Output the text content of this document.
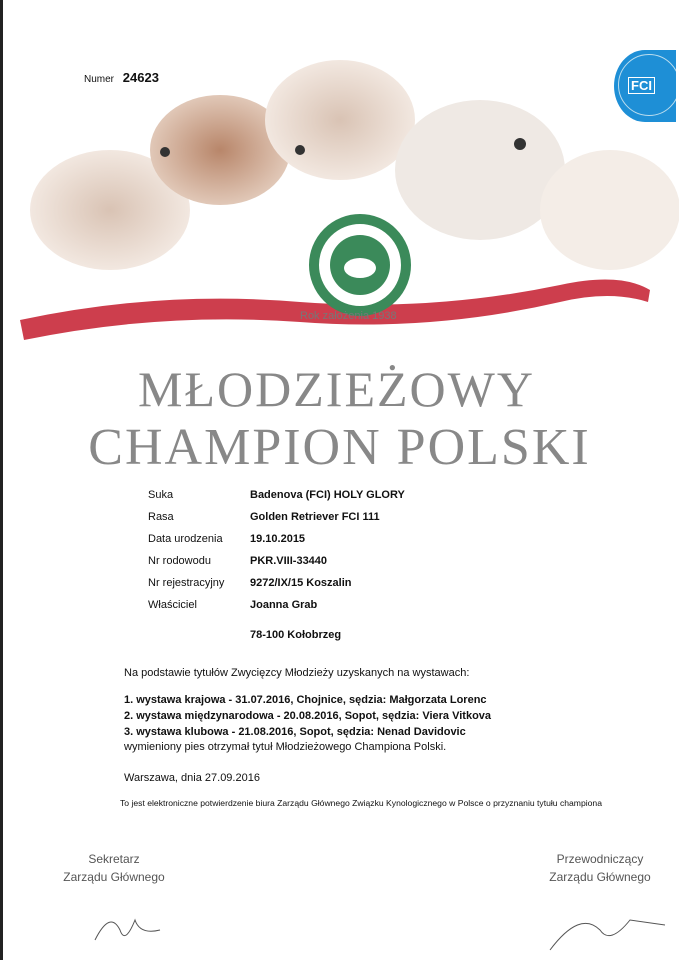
Numer 24623
FCI
Rok założenia 1938
MŁODZIEŻOWY
CHAMPION POLSKI
Suka	Badenova (FCI) HOLY GLORY
Rasa	Golden Retriever FCI 111
Data urodzenia 19.10.2015
Nr rodowodu	PKR.VIII-33440
Nr rejestracyjny 9272/IX/15 Koszalin
Właściciel	Joanna Grab
78-100 Kołobrzeg
Na podstawie tytułów Zwycięzcy Młodzieży uzyskanych na wystawach:
1. wystawa krajowa - 31.07.2016, Chojnice, sędzia: Małgorzata Lorenc
2. wystawa międzynarodowa - 20.08.2016, Sopot, sędzia: Viera Vitkova
3. wystawa klubowa - 21.08.2016, Sopot, sędzia: Nenad Davidovic
wymieniony pies otrzymał tytuł Młodzieżowego Championa Polski.
Warszawa, dnia 27.09.2016
To jest elektroniczne potwierdzenie biura Zarządu Głównego Związku Kynologicznego w Polsce o przyznaniu tytułu championa
Sekretarz
Zarządu Głównego
Przewodniczący
Zarządu Głównego
